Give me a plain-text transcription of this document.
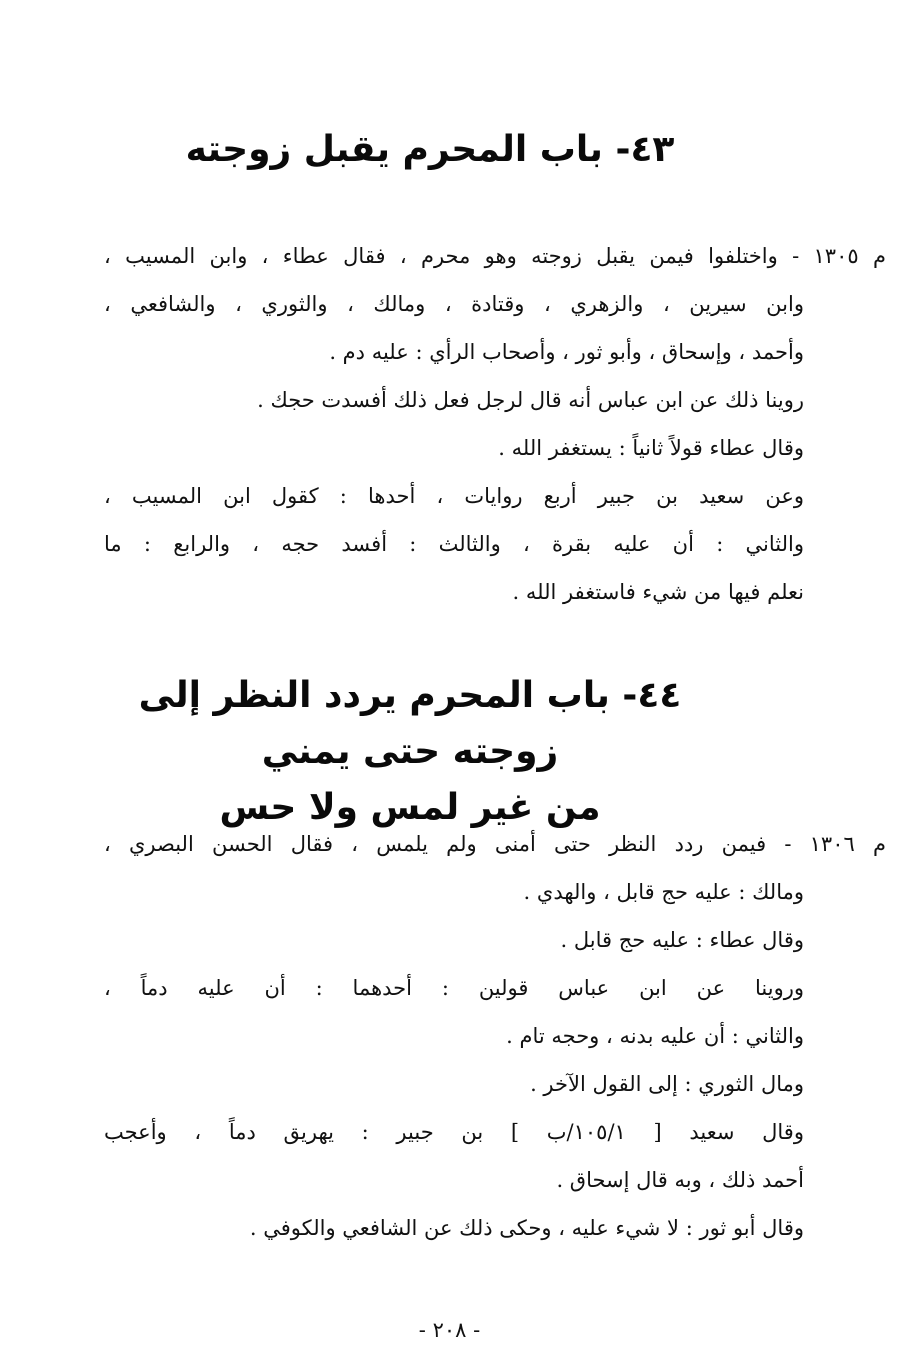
٤٣- باب المحرم يقبل زوجته
م ١٣٠٥ - واختلفوا فيمن يقبل زوجته وهو محرم ، فقال عطاء ، وابن المسيب ،
وابن سيرين ، والزهري ، وقتادة ، ومالك ، والثوري ، والشافعي ،
وأحمد ، وإسحاق ، وأبو ثور ، وأصحاب الرأي : عليه دم .
روينا ذلك عن ابن عباس أنه قال لرجل فعل ذلك أفسدت حجك .
وقال عطاء قولاً ثانياً : يستغفر الله .
وعن سعيد بن جبير أربع روايات ، أحدها : كقول ابن المسيب ،
والثاني : أن عليه بقرة ، والثالث : أفسد حجه ، والرابع : ما
نعلم فيها من شيء فاستغفر الله .
٤٤- باب المحرم يردد النظر إلى زوجته حتى يمني
من غير لمس ولا حس
م ١٣٠٦ - فيمن ردد النظر حتى أمنى ولم يلمس ، فقال الحسن البصري ،
ومالك : عليه حج قابل ، والهدي .
وقال عطاء : عليه حج قابل .
وروينا عن ابن عباس قولين : أحدهما : أن عليه دماً ،
والثاني : أن عليه بدنه ، وحجه تام .
ومال الثوري : إلى القول الآخر .
وقال سعيد [ ١٠٥/١/ب ] بن جبير : يهريق دماً ، وأعجب
أحمد ذلك ، وبه قال إسحاق .
وقال أبو ثور : لا شيء عليه ، وحكى ذلك عن الشافعي والكوفي .
- ٢٠٨ -
